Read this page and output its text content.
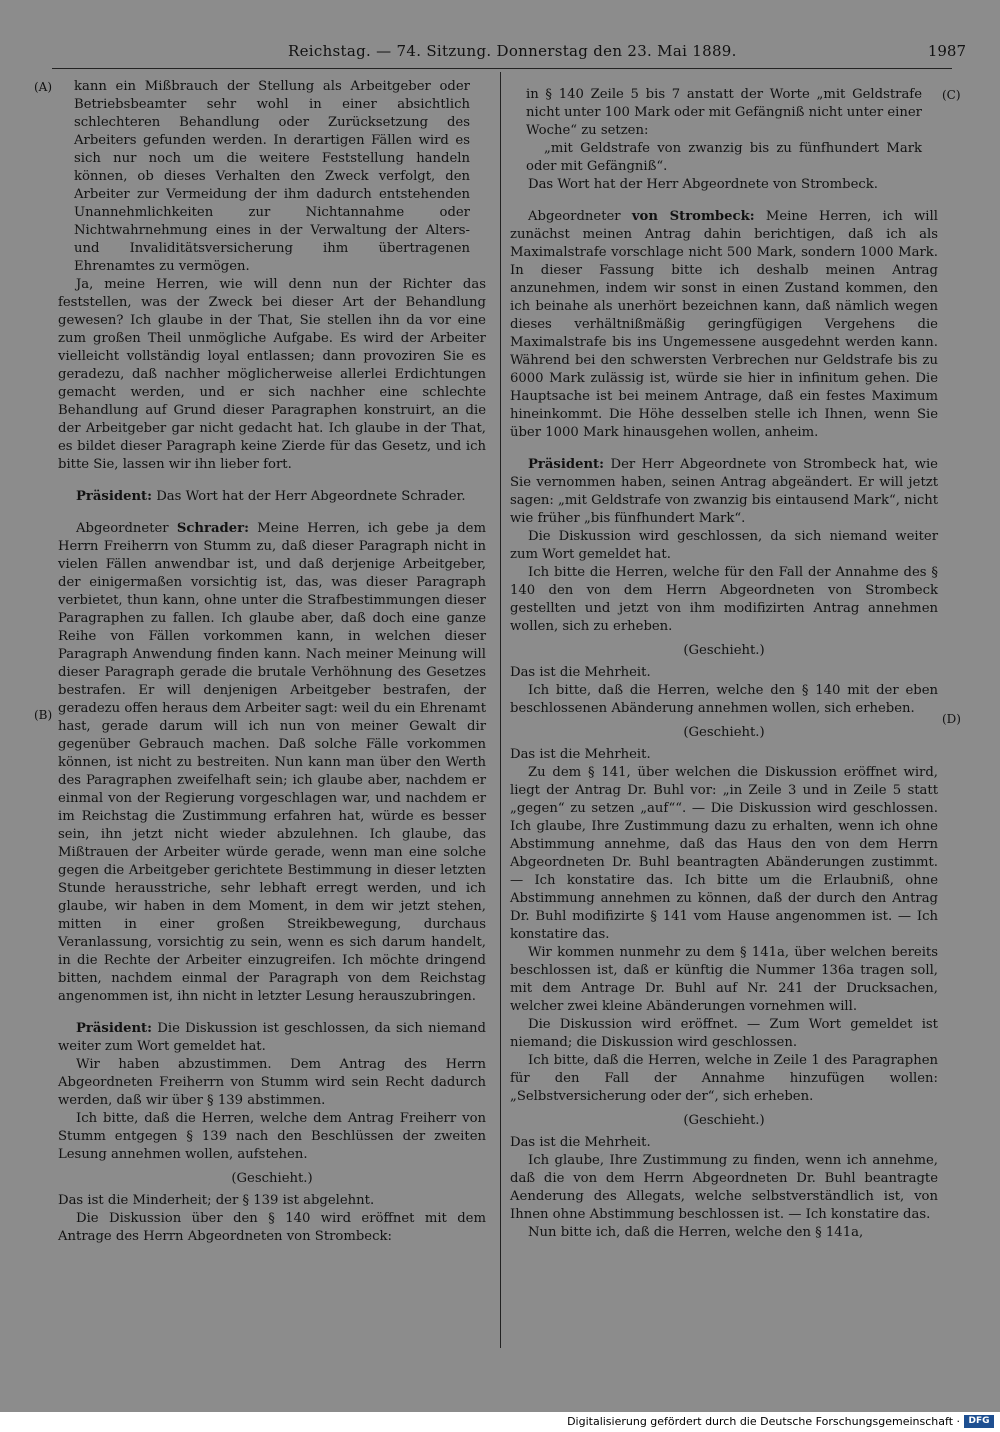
Reichstag. — 74. Sitzung. Donnerstag den 23. Mai 1889.	1987
(A)
(B)
(C)
(D)

kann ein Mißbrauch der Stellung als Arbeitgeber oder Betriebsbeamter sehr wohl in einer absichtlich schlechteren Behandlung oder Zurücksetzung des Arbeiters gefunden werden. In derartigen Fällen wird es sich nur noch um die weitere Feststellung handeln können, ob dieses Verhalten den Zweck verfolgt, den Arbeiter zur Vermeidung der ihm dadurch entstehenden Unannehmlichkeiten zur Nichtannahme oder Nichtwahrnehmung eines in der Verwaltung der Alters- und Invaliditätsversicherung ihm übertragenen Ehrenamtes zu vermögen.

Ja, meine Herren, wie will denn nun der Richter das feststellen, was der Zweck bei dieser Art der Behandlung gewesen? Ich glaube in der That, Sie stellen ihn da vor eine zum großen Theil unmögliche Aufgabe. Es wird der Arbeiter vielleicht vollständig loyal entlassen; dann provoziren Sie es geradezu, daß nachher möglicherweise allerlei Erdichtungen gemacht werden, und er sich nachher eine schlechte Behandlung auf Grund dieser Paragraphen konstruirt, an die der Arbeitgeber gar nicht gedacht hat. Ich glaube in der That, es bildet dieser Paragraph keine Zierde für das Gesetz, und ich bitte Sie, lassen wir ihn lieber fort.

Präsident: Das Wort hat der Herr Abgeordnete Schrader.

Abgeordneter Schrader: Meine Herren, ich gebe ja dem Herrn Freiherrn von Stumm zu, daß dieser Paragraph nicht in vielen Fällen anwendbar ist, und daß derjenige Arbeitgeber, der einigermaßen vorsichtig ist, das, was dieser Paragraph verbietet, thun kann, ohne unter die Strafbestimmungen dieser Paragraphen zu fallen. Ich glaube aber, daß doch eine ganze Reihe von Fällen vorkommen kann, in welchen dieser Paragraph Anwendung finden kann. Nach meiner Meinung will dieser Paragraph gerade die brutale Verhöhnung des Gesetzes bestrafen. Er will denjenigen Arbeitgeber bestrafen, der geradezu offen heraus dem Arbeiter sagt: weil du ein Ehrenamt hast, gerade darum will ich nun von meiner Gewalt dir gegenüber Gebrauch machen. Daß solche Fälle vorkommen können, ist nicht zu bestreiten. Nun kann man über den Werth des Paragraphen zweifelhaft sein; ich glaube aber, nachdem er einmal von der Regierung vorgeschlagen war, und nachdem er im Reichstag die Zustimmung erfahren hat, würde es besser sein, ihn jetzt nicht wieder abzulehnen. Ich glaube, das Mißtrauen der Arbeiter würde gerade, wenn man eine solche gegen die Arbeitgeber gerichtete Bestimmung in dieser letzten Stunde herausstriche, sehr lebhaft erregt werden, und ich glaube, wir haben in dem Moment, in dem wir jetzt stehen, mitten in einer großen Streikbewegung, durchaus Veranlassung, vorsichtig zu sein, wenn es sich darum handelt, in die Rechte der Arbeiter einzugreifen. Ich möchte dringend bitten, nachdem einmal der Paragraph von dem Reichstag angenommen ist, ihn nicht in letzter Lesung herauszubringen.

Präsident: Die Diskussion ist geschlossen, da sich niemand weiter zum Wort gemeldet hat.

Wir haben abzustimmen. Dem Antrag des Herrn Abgeordneten Freiherrn von Stumm wird sein Recht dadurch werden, daß wir über § 139 abstimmen.

Ich bitte, daß die Herren, welche dem Antrag Freiherr von Stumm entgegen § 139 nach den Beschlüssen der zweiten Lesung annehmen wollen, aufstehen.

(Geschieht.)

Das ist die Minderheit; der § 139 ist abgelehnt.

Die Diskussion über den § 140 wird eröffnet mit dem Antrage des Herrn Abgeordneten von Strombeck:

in § 140 Zeile 5 bis 7 anstatt der Worte „mit Geldstrafe nicht unter 100 Mark oder mit Gefängniß nicht unter einer Woche“ zu setzen:

„mit Geldstrafe von zwanzig bis zu fünfhundert Mark oder mit Gefängniß“.

Das Wort hat der Herr Abgeordnete von Strombeck.

Abgeordneter von Strombeck: Meine Herren, ich will zunächst meinen Antrag dahin berichtigen, daß ich als Maximalstrafe vorschlage nicht 500 Mark, sondern 1000 Mark. In dieser Fassung bitte ich deshalb meinen Antrag anzunehmen, indem wir sonst in einen Zustand kommen, den ich beinahe als unerhört bezeichnen kann, daß nämlich wegen dieses verhältnißmäßig geringfügigen Vergehens die Maximalstrafe bis ins Ungemessene ausgedehnt werden kann. Während bei den schwersten Verbrechen nur Geldstrafe bis zu 6000 Mark zulässig ist, würde sie hier in infinitum gehen. Die Hauptsache ist bei meinem Antrage, daß ein festes Maximum hineinkommt. Die Höhe desselben stelle ich Ihnen, wenn Sie über 1000 Mark hinausgehen wollen, anheim.

Präsident: Der Herr Abgeordnete von Strombeck hat, wie Sie vernommen haben, seinen Antrag abgeändert. Er will jetzt sagen: „mit Geldstrafe von zwanzig bis eintausend Mark“, nicht wie früher „bis fünfhundert Mark“.

Die Diskussion wird geschlossen, da sich niemand weiter zum Wort gemeldet hat.

Ich bitte die Herren, welche für den Fall der Annahme des § 140 den von dem Herrn Abgeordneten von Strombeck gestellten und jetzt von ihm modifizirten Antrag annehmen wollen, sich zu erheben.

(Geschieht.)

Das ist die Mehrheit.

Ich bitte, daß die Herren, welche den § 140 mit der eben beschlossenen Abänderung annehmen wollen, sich erheben.

(Geschieht.)

Das ist die Mehrheit.

Zu dem § 141, über welchen die Diskussion eröffnet wird, liegt der Antrag Dr. Buhl vor: „in Zeile 3 und in Zeile 5 statt „gegen“ zu setzen „auf““. — Die Diskussion wird geschlossen. Ich glaube, Ihre Zustimmung dazu zu erhalten, wenn ich ohne Abstimmung annehme, daß das Haus den von dem Herrn Abgeordneten Dr. Buhl beantragten Abänderungen zustimmt. — Ich konstatire das. Ich bitte um die Erlaubniß, ohne Abstimmung annehmen zu können, daß der durch den Antrag Dr. Buhl modifizirte § 141 vom Hause angenommen ist. — Ich konstatire das.

Wir kommen nunmehr zu dem § 141a, über welchen bereits beschlossen ist, daß er künftig die Nummer 136a tragen soll, mit dem Antrage Dr. Buhl auf Nr. 241 der Drucksachen, welcher zwei kleine Abänderungen vornehmen will.

Die Diskussion wird eröffnet. — Zum Wort gemeldet ist niemand; die Diskussion wird geschlossen.

Ich bitte, daß die Herren, welche in Zeile 1 des Paragraphen für den Fall der Annahme hinzufügen wollen: „Selbstversicherung oder der“, sich erheben.

(Geschieht.)

Das ist die Mehrheit.

Ich glaube, Ihre Zustimmung zu finden, wenn ich annehme, daß die von dem Herrn Abgeordneten Dr. Buhl beantragte Aenderung des Allegats, welche selbstverständlich ist, von Ihnen ohne Abstimmung beschlossen ist. — Ich konstatire das.

Nun bitte ich, daß die Herren, welche den § 141a,

Digitalisierung gefördert durch die Deutsche Forschungsgemeinschaft · DFG
